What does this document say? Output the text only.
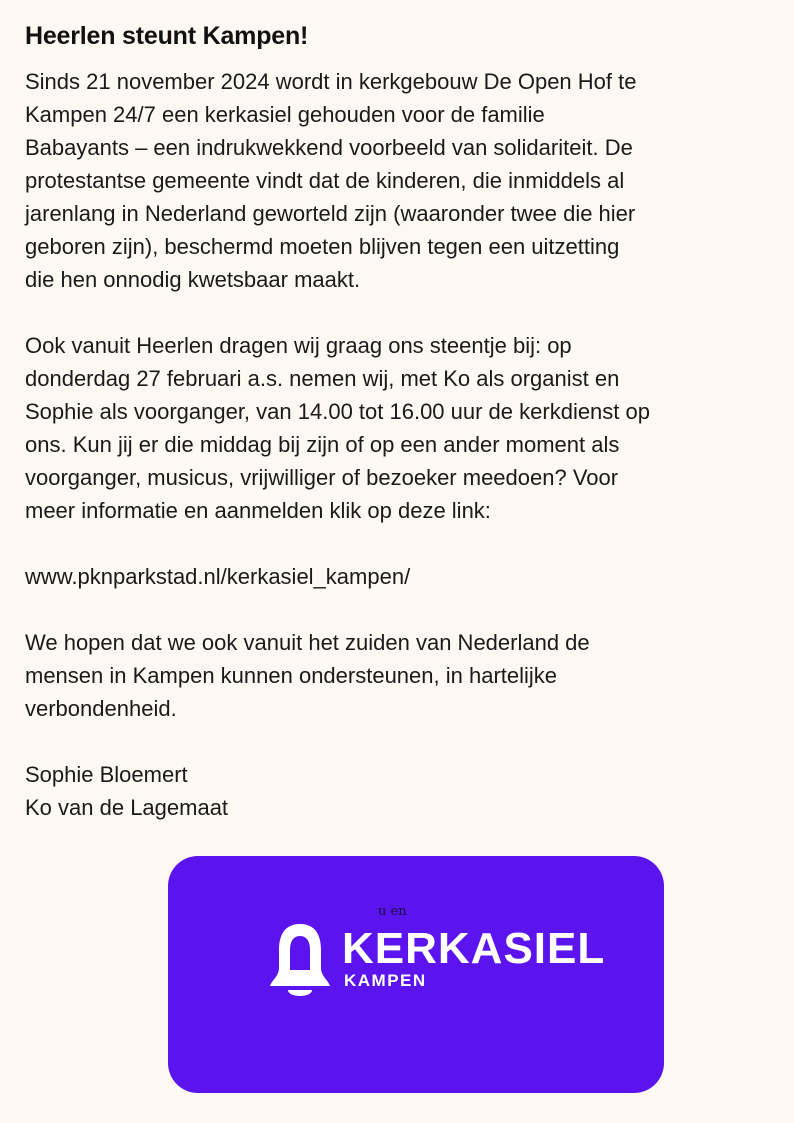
Heerlen steunt Kampen!

Sinds 21 november 2024 wordt in kerkgebouw De Open Hof te
Kampen 24/7 een kerkasiel gehouden voor de familie
Babayants – een indrukwekkend voorbeeld van solidariteit. De
protestantse gemeente vindt dat de kinderen, die inmiddels al
jarenlang in Nederland geworteld zijn (waaronder twee die hier
geboren zijn), beschermd moeten blijven tegen een uitzetting
die hen onnodig kwetsbaar maakt.

Ook vanuit Heerlen dragen wij graag ons steentje bij: op
donderdag 27 februari a.s. nemen wij, met Ko als organist en
Sophie als voorganger, van 14.00 tot 16.00 uur de kerkdienst op
ons. Kun jij er die middag bij zijn of op een ander moment als
voorganger, musicus, vrijwilliger of bezoeker meedoen? Voor
meer informatie en aanmelden klik op deze link:

www.pknparkstad.nl/kerkasiel_kampen/

We hopen dat we ook vanuit het zuiden van Nederland de
mensen in Kampen kunnen ondersteunen, in hartelijke
verbondenheid.

Sophie Bloemert
Ko van de Lagemaat
u en
KERKASIEL
KAMPEN
